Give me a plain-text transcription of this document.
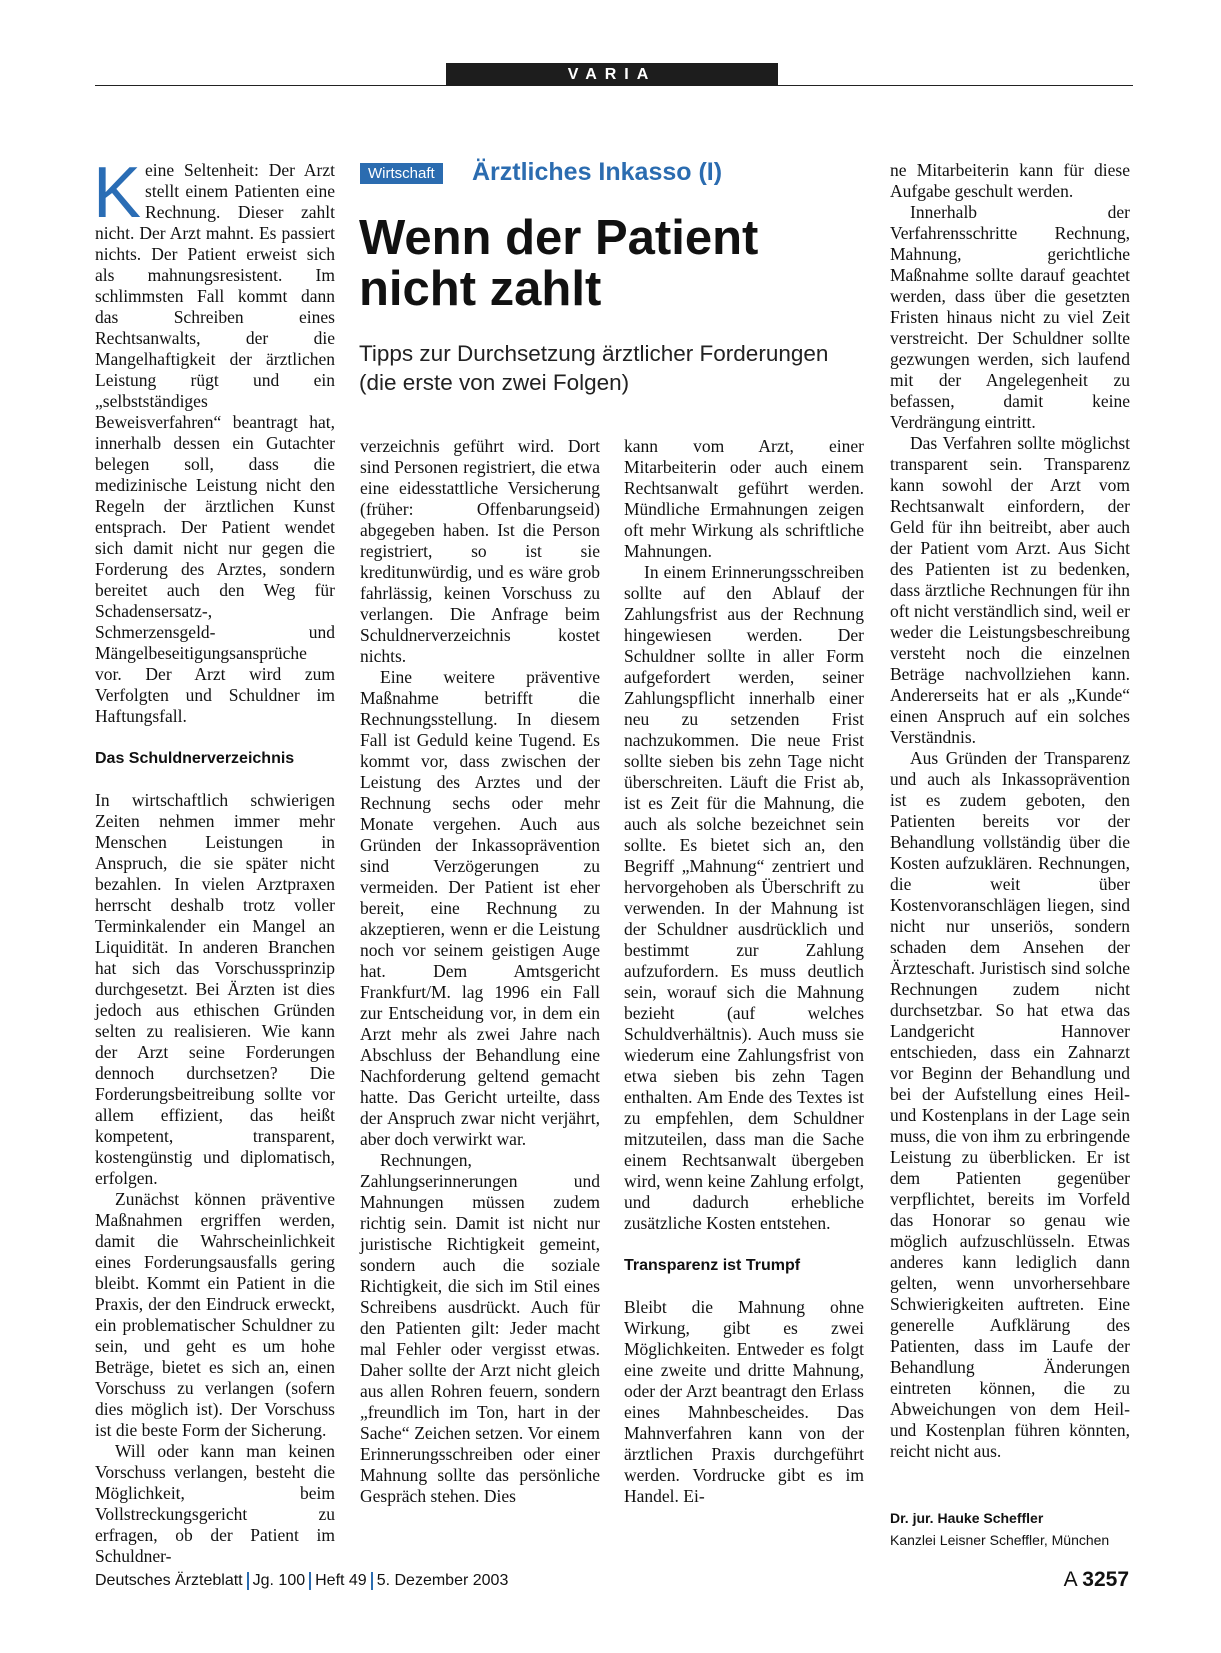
VARIA

Keine Seltenheit: Der Arzt stellt einem Patienten eine Rechnung. Dieser zahlt nicht. Der Arzt mahnt. Es passiert nichts. Der Patient erweist sich als mahnungsresistent. Im schlimmsten Fall kommt dann das Schreiben eines Rechtsanwalts, der die Mangelhaftigkeit der ärztlichen Leistung rügt und ein „selbstständiges Beweisverfahren“ beantragt hat, innerhalb dessen ein Gutachter belegen soll, dass die medizinische Leistung nicht den Regeln der ärztlichen Kunst entsprach. Der Patient wendet sich damit nicht nur gegen die Forderung des Arztes, sondern bereitet auch den Weg für Schadensersatz-, Schmerzensgeld- und Mängelbeseitigungsansprüche vor. Der Arzt wird zum Verfolgten und Schuldner im Haftungsfall.

Das Schuldnerverzeichnis

In wirtschaftlich schwierigen Zeiten nehmen immer mehr Menschen Leistungen in Anspruch, die sie später nicht bezahlen. In vielen Arztpraxen herrscht deshalb trotz voller Terminkalender ein Mangel an Liquidität. In anderen Branchen hat sich das Vorschussprinzip durchgesetzt. Bei Ärzten ist dies jedoch aus ethischen Gründen selten zu realisieren. Wie kann der Arzt seine Forderungen dennoch durchsetzen? Die Forderungsbeitreibung sollte vor allem effizient, das heißt kompetent, transparent, kostengünstig und diplomatisch, erfolgen.

Zunächst können präventive Maßnahmen ergriffen werden, damit die Wahrscheinlichkeit eines Forderungsausfalls gering bleibt. Kommt ein Patient in die Praxis, der den Eindruck erweckt, ein problematischer Schuldner zu sein, und geht es um hohe Beträge, bietet es sich an, einen Vorschuss zu verlangen (sofern dies möglich ist). Der Vorschuss ist die beste Form der Sicherung.

Will oder kann man keinen Vorschuss verlangen, besteht die Möglichkeit, beim Vollstreckungsgericht zu erfragen, ob der Patient im Schuldner-

Wirtschaft	Ärztliches Inkasso (I)
Wenn der Patient nicht zahlt
Tipps zur Durchsetzung ärztlicher Forderungen (die erste von zwei Folgen)

verzeichnis geführt wird. Dort sind Personen registriert, die etwa eine eidesstattliche Versicherung (früher: Offenbarungseid) abgegeben haben. Ist die Person registriert, so ist sie kreditunwürdig, und es wäre grob fahrlässig, keinen Vorschuss zu verlangen. Die Anfrage beim Schuldnerverzeichnis kostet nichts.

Eine weitere präventive Maßnahme betrifft die Rechnungsstellung. In diesem Fall ist Geduld keine Tugend. Es kommt vor, dass zwischen der Leistung des Arztes und der Rechnung sechs oder mehr Monate vergehen. Auch aus Gründen der Inkassoprävention sind Verzögerungen zu vermeiden. Der Patient ist eher bereit, eine Rechnung zu akzeptieren, wenn er die Leistung noch vor seinem geistigen Auge hat. Dem Amtsgericht Frankfurt/M. lag 1996 ein Fall zur Entscheidung vor, in dem ein Arzt mehr als zwei Jahre nach Abschluss der Behandlung eine Nachforderung geltend gemacht hatte. Das Gericht urteilte, dass der Anspruch zwar nicht verjährt, aber doch verwirkt war.

Rechnungen, Zahlungserinnerungen und Mahnungen müssen zudem richtig sein. Damit ist nicht nur juristische Richtigkeit gemeint, sondern auch die soziale Richtigkeit, die sich im Stil eines Schreibens ausdrückt. Auch für den Patienten gilt: Jeder macht mal Fehler oder vergisst etwas. Daher sollte der Arzt nicht gleich aus allen Rohren feuern, sondern „freundlich im Ton, hart in der Sache“ Zeichen setzen. Vor einem Erinnerungsschreiben oder einer Mahnung sollte das persönliche Gespräch stehen. Dies

kann vom Arzt, einer Mitarbeiterin oder auch einem Rechtsanwalt geführt werden. Mündliche Ermahnungen zeigen oft mehr Wirkung als schriftliche Mahnungen.

In einem Erinnerungsschreiben sollte auf den Ablauf der Zahlungsfrist aus der Rechnung hingewiesen werden. Der Schuldner sollte in aller Form aufgefordert werden, seiner Zahlungspflicht innerhalb einer neu zu setzenden Frist nachzukommen. Die neue Frist sollte sieben bis zehn Tage nicht überschreiten. Läuft die Frist ab, ist es Zeit für die Mahnung, die auch als solche bezeichnet sein sollte. Es bietet sich an, den Begriff „Mahnung“ zentriert und hervorgehoben als Überschrift zu verwenden. In der Mahnung ist der Schuldner ausdrücklich und bestimmt zur Zahlung aufzufordern. Es muss deutlich sein, worauf sich die Mahnung bezieht (auf welches Schuldverhältnis). Auch muss sie wiederum eine Zahlungsfrist von etwa sieben bis zehn Tagen enthalten. Am Ende des Textes ist zu empfehlen, dem Schuldner mitzuteilen, dass man die Sache einem Rechtsanwalt übergeben wird, wenn keine Zahlung erfolgt, und dadurch erhebliche zusätzliche Kosten entstehen.

Transparenz ist Trumpf

Bleibt die Mahnung ohne Wirkung, gibt es zwei Möglichkeiten. Entweder es folgt eine zweite und dritte Mahnung, oder der Arzt beantragt den Erlass eines Mahnbescheides. Das Mahnverfahren kann von der ärztlichen Praxis durchgeführt werden. Vordrucke gibt es im Handel. Ei-

ne Mitarbeiterin kann für diese Aufgabe geschult werden.

Innerhalb der Verfahrensschritte Rechnung, Mahnung, gerichtliche Maßnahme sollte darauf geachtet werden, dass über die gesetzten Fristen hinaus nicht zu viel Zeit verstreicht. Der Schuldner sollte gezwungen werden, sich laufend mit der Angelegenheit zu befassen, damit keine Verdrängung eintritt.

Das Verfahren sollte möglichst transparent sein. Transparenz kann sowohl der Arzt vom Rechtsanwalt einfordern, der Geld für ihn beitreibt, aber auch der Patient vom Arzt. Aus Sicht des Patienten ist zu bedenken, dass ärztliche Rechnungen für ihn oft nicht verständlich sind, weil er weder die Leistungsbeschreibung versteht noch die einzelnen Beträge nachvollziehen kann. Andererseits hat er als „Kunde“ einen Anspruch auf ein solches Verständnis.

Aus Gründen der Transparenz und auch als Inkassoprävention ist es zudem geboten, den Patienten bereits vor der Behandlung vollständig über die Kosten aufzuklären. Rechnungen, die weit über Kostenvoranschlägen liegen, sind nicht nur unseriös, sondern schaden dem Ansehen der Ärzteschaft. Juristisch sind solche Rechnungen zudem nicht durchsetzbar. So hat etwa das Landgericht Hannover entschieden, dass ein Zahnarzt vor Beginn der Behandlung und bei der Aufstellung eines Heil- und Kostenplans in der Lage sein muss, die von ihm zu erbringende Leistung zu überblicken. Er ist dem Patienten gegenüber verpflichtet, bereits im Vorfeld das Honorar so genau wie möglich aufzuschlüsseln. Etwas anderes kann lediglich dann gelten, wenn unvorhersehbare Schwierigkeiten auftreten. Eine generelle Aufklärung des Patienten, dass im Laufe der Behandlung Änderungen eintreten können, die zu Abweichungen von dem Heil- und Kostenplan führen könnten, reicht nicht aus.

Dr. jur. Hauke Scheffler
Kanzlei Leisner Scheffler, München
Deutsches Ärzteblatt Jg. 100 Heft 49 5. Dezember 2003	A 3257
